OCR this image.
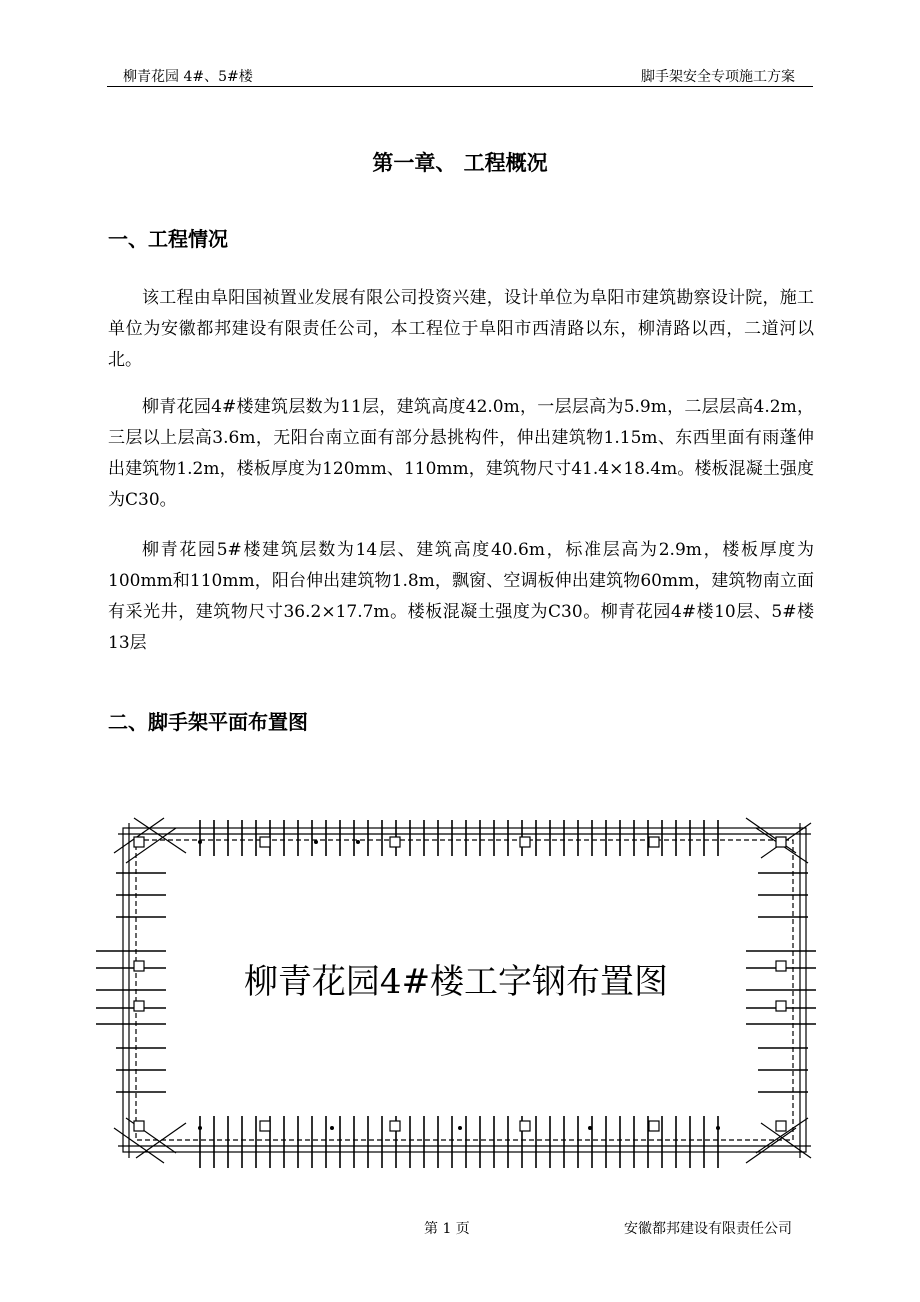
柳青花园 4#、5#楼	脚手架安全专项施工方案
第一章、 工程概况
一、工程情况
该工程由阜阳国祯置业发展有限公司投资兴建，设计单位为阜阳市建筑勘察设计院，施工单位为安徽都邦建设有限责任公司，本工程位于阜阳市西清路以东，柳清路以西，二道河以北。
柳青花园4#楼建筑层数为11层，建筑高度42.0m，一层层高为5.9m，二层层高4.2m，三层以上层高3.6m，无阳台南立面有部分悬挑构件，伸出建筑物1.15m、东西里面有雨蓬伸出建筑物1.2m，楼板厚度为120mm、110mm，建筑物尺寸41.4×18.4m。楼板混凝土强度为C30。
柳青花园5#楼建筑层数为14层、建筑高度40.6m，标准层高为2.9m，楼板厚度为100mm和110mm，阳台伸出建筑物1.8m，飘窗、空调板伸出建筑物60mm，建筑物南立面有采光井，建筑物尺寸36.2×17.7m。楼板混凝土强度为C30。柳青花园4#楼10层、5#楼13层
二、脚手架平面布置图
柳青花园4#楼工字钢布置图
第 1 页	安徽都邦建设有限责任公司
